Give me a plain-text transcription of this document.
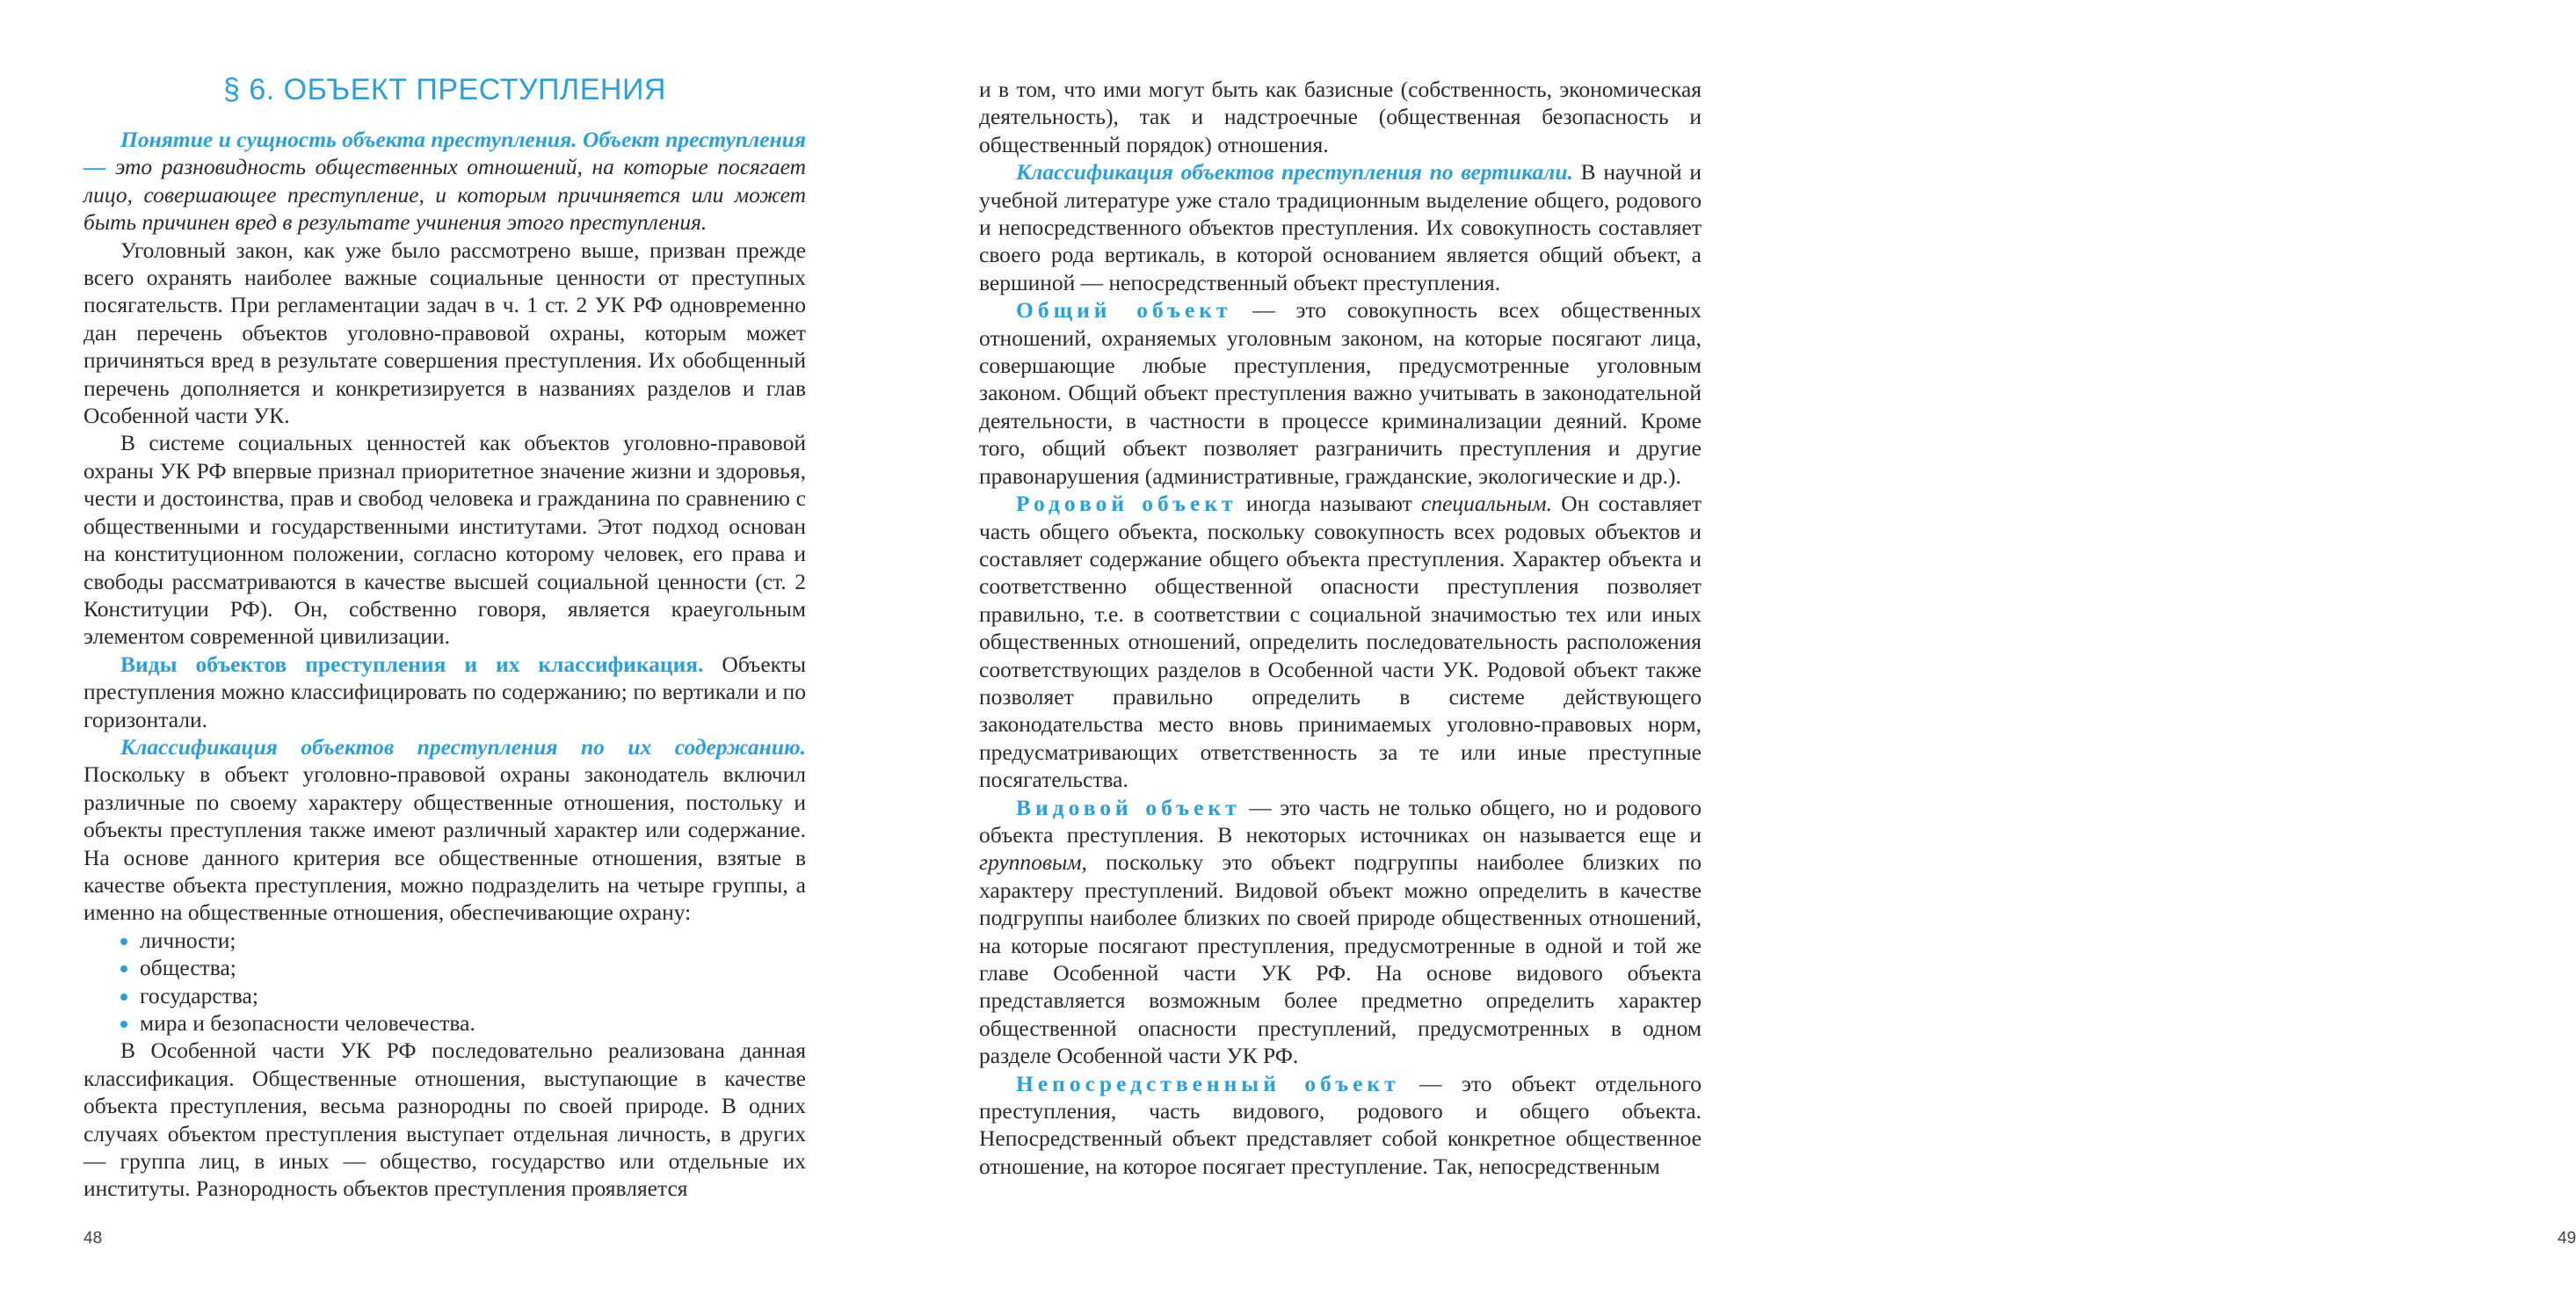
§ 6. ОБЪЕКТ ПРЕСТУПЛЕНИЯ

Понятие и сущность объекта преступления. Объект преступления — это разновидность общественных отношений, на которые посягает лицо, совершающее преступление, и которым причиняется или может быть причинен вред в результате учинения этого преступления.

Уголовный закон, как уже было рассмотрено выше, призван прежде всего охранять наиболее важные социальные ценности от преступных посягательств. При регламентации задач в ч. 1 ст. 2 УК РФ одновременно дан перечень объектов уголовно-правовой охраны, которым может причиняться вред в результате совершения преступления. Их обобщенный перечень дополняется и конкретизируется в названиях разделов и глав Особенной части УК.

В системе социальных ценностей как объектов уголовно-правовой охраны УК РФ впервые признал приоритетное значение жизни и здоровья, чести и достоинства, прав и свобод человека и гражданина по сравнению с общественными и государственными институтами. Этот подход основан на конституционном положении, согласно которому человек, его права и свободы рассматриваются в качестве высшей социальной ценности (ст. 2 Конституции РФ). Он, собственно говоря, является краеугольным элементом современной цивилизации.

Виды объектов преступления и их классификация. Объекты преступления можно классифицировать по содержанию; по вертикали и по горизонтали.

Классификация объектов преступления по их содержанию. Поскольку в объект уголовно-правовой охраны законодатель включил различные по своему характеру общественные отношения, постольку и объекты преступления также имеют различный характер или содержание. На основе данного критерия все общественные отношения, взятые в качестве объекта преступления, можно подразделить на четыре группы, а именно на общественные отношения, обеспечивающие охрану:

личности;
общества;
государства;
мира и безопасности человечества.

В Особенной части УК РФ последовательно реализована данная классификация. Общественные отношения, выступающие в качестве объекта преступления, весьма разнородны по своей природе. В одних случаях объектом преступления выступает отдельная личность, в других — группа лиц, в иных — общество, государство или отдельные их институты. Разнородность объектов преступления проявляется

48

и в том, что ими могут быть как базисные (собственность, экономическая деятельность), так и надстроечные (общественная безопасность и общественный порядок) отношения.

Классификация объектов преступления по вертикали. В научной и учебной литературе уже стало традиционным выделение общего, родового и непосредственного объектов преступления. Их совокупность составляет своего рода вертикаль, в которой основанием является общий объект, а вершиной — непосредственный объект преступления.

Общий объект — это совокупность всех общественных отношений, охраняемых уголовным законом, на которые посягают лица, совершающие любые преступления, предусмотренные уголовным законом. Общий объект преступления важно учитывать в законодательной деятельности, в частности в процессе криминализации деяний. Кроме того, общий объект позволяет разграничить преступления и другие правонарушения (административные, гражданские, экологические и др.).

Родовой объект иногда называют специальным. Он составляет часть общего объекта, поскольку совокупность всех родовых объектов и составляет содержание общего объекта преступления. Характер объекта и соответственно общественной опасности преступления позволяет правильно, т.е. в соответствии с социальной значимостью тех или иных общественных отношений, определить последовательность расположения соответствующих разделов в Особенной части УК. Родовой объект также позволяет правильно определить в системе действующего законодательства место вновь принимаемых уголовно-правовых норм, предусматривающих ответственность за те или иные преступные посягательства.

Видовой объект — это часть не только общего, но и родового объекта преступления. В некоторых источниках он называется еще и групповым, поскольку это объект подгруппы наиболее близких по характеру преступлений. Видовой объект можно определить в качестве подгруппы наиболее близких по своей природе общественных отношений, на которые посягают преступления, предусмотренные в одной и той же главе Особенной части УК РФ. На основе видового объекта представляется возможным более предметно определить характер общественной опасности преступлений, предусмотренных в одном разделе Особенной части УК РФ.

Непосредственный объект — это объект отдельного преступления, часть видового, родового и общего объекта. Непосредственный объект представляет собой конкретное общественное отношение, на которое посягает преступление. Так, непосредственным

49
